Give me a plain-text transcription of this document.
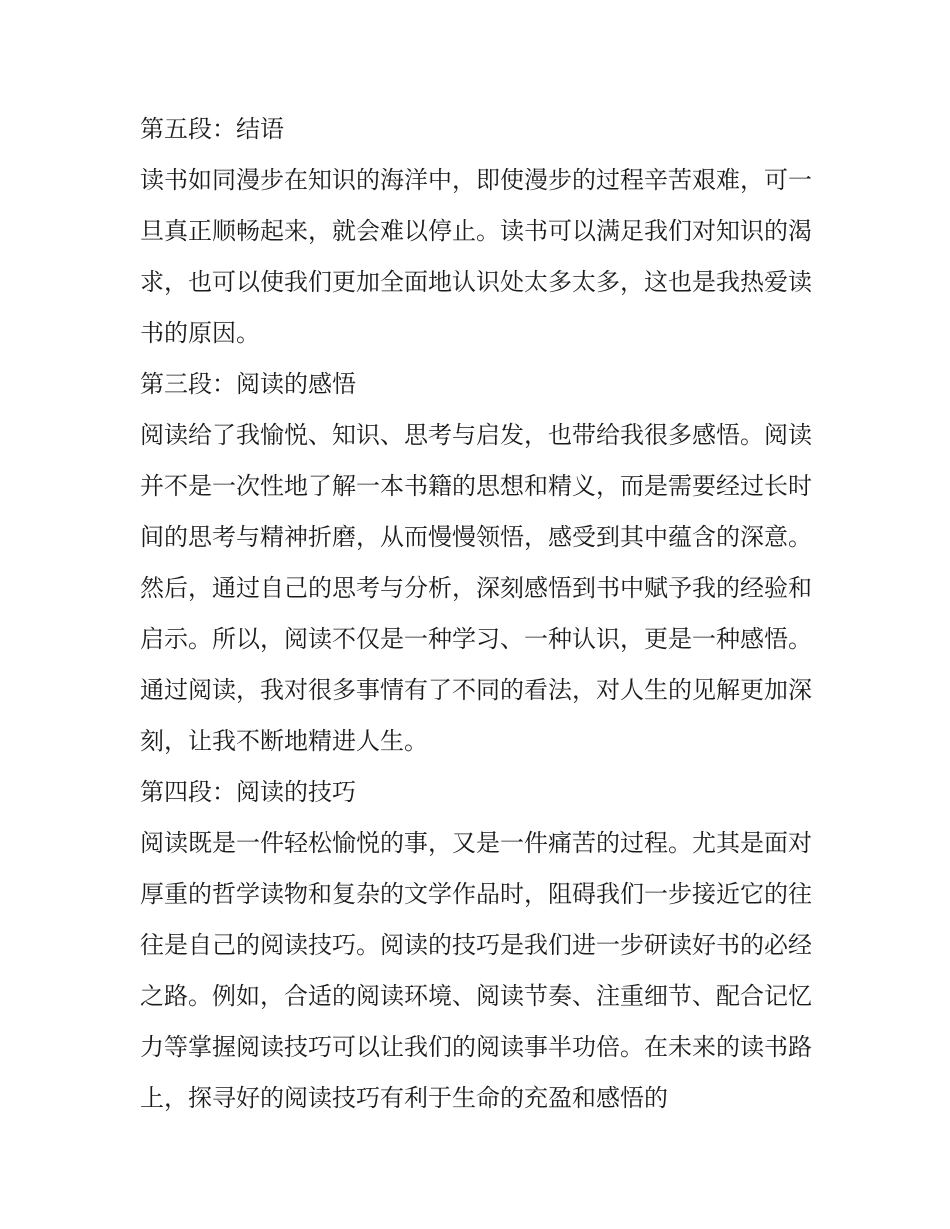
第五段：结语

读书如同漫步在知识的海洋中，即使漫步的过程辛苦艰难，可一旦真正顺畅起来，就会难以停止。读书可以满足我们对知识的渴求，也可以使我们更加全面地认识处太多太多，这也是我热爱读书的原因。

第三段：阅读的感悟

阅读给了我愉悦、知识、思考与启发，也带给我很多感悟。阅读并不是一次性地了解一本书籍的思想和精义，而是需要经过长时间的思考与精神折磨，从而慢慢领悟，感受到其中蕴含的深意。然后，通过自己的思考与分析，深刻感悟到书中赋予我的经验和启示。所以，阅读不仅是一种学习、一种认识，更是一种感悟。通过阅读，我对很多事情有了不同的看法，对人生的见解更加深刻，让我不断地精进人生。

第四段：阅读的技巧

阅读既是一件轻松愉悦的事，又是一件痛苦的过程。尤其是面对厚重的哲学读物和复杂的文学作品时，阻碍我们一步接近它的往往是自己的阅读技巧。阅读的技巧是我们进一步研读好书的必经之路。例如，合适的阅读环境、阅读节奏、注重细节、配合记忆力等掌握阅读技巧可以让我们的阅读事半功倍。在未来的读书路上，探寻好的阅读技巧有利于生命的充盈和感悟的
